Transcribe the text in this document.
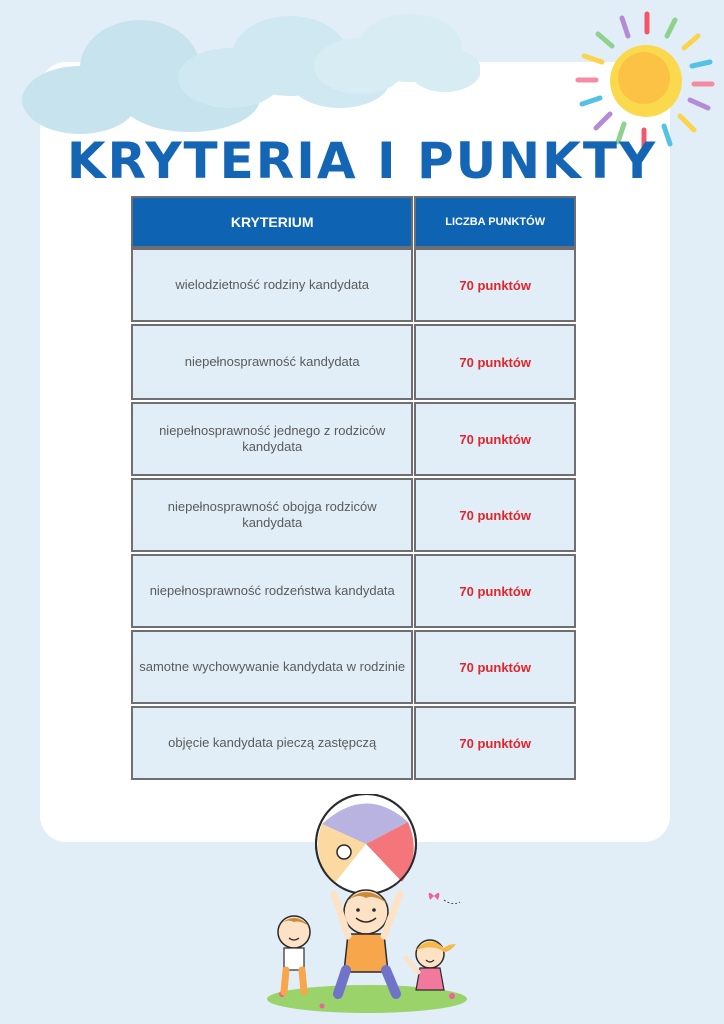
KRYTERIA I PUNKTY
KRYTERIUM	LICZBA PUNKTÓW
wielodzietność rodziny kandydata	70 punktów
niepełnosprawność kandydata	70 punktów
niepełnosprawność jednego z rodziców kandydata	70 punktów
niepełnosprawność obojga rodziców kandydata	70 punktów
niepełnosprawność rodzeństwa kandydata	70 punktów
samotne wychowywanie kandydata w rodzinie	70 punktów
objęcie kandydata pieczą zastępczą	70 punktów
